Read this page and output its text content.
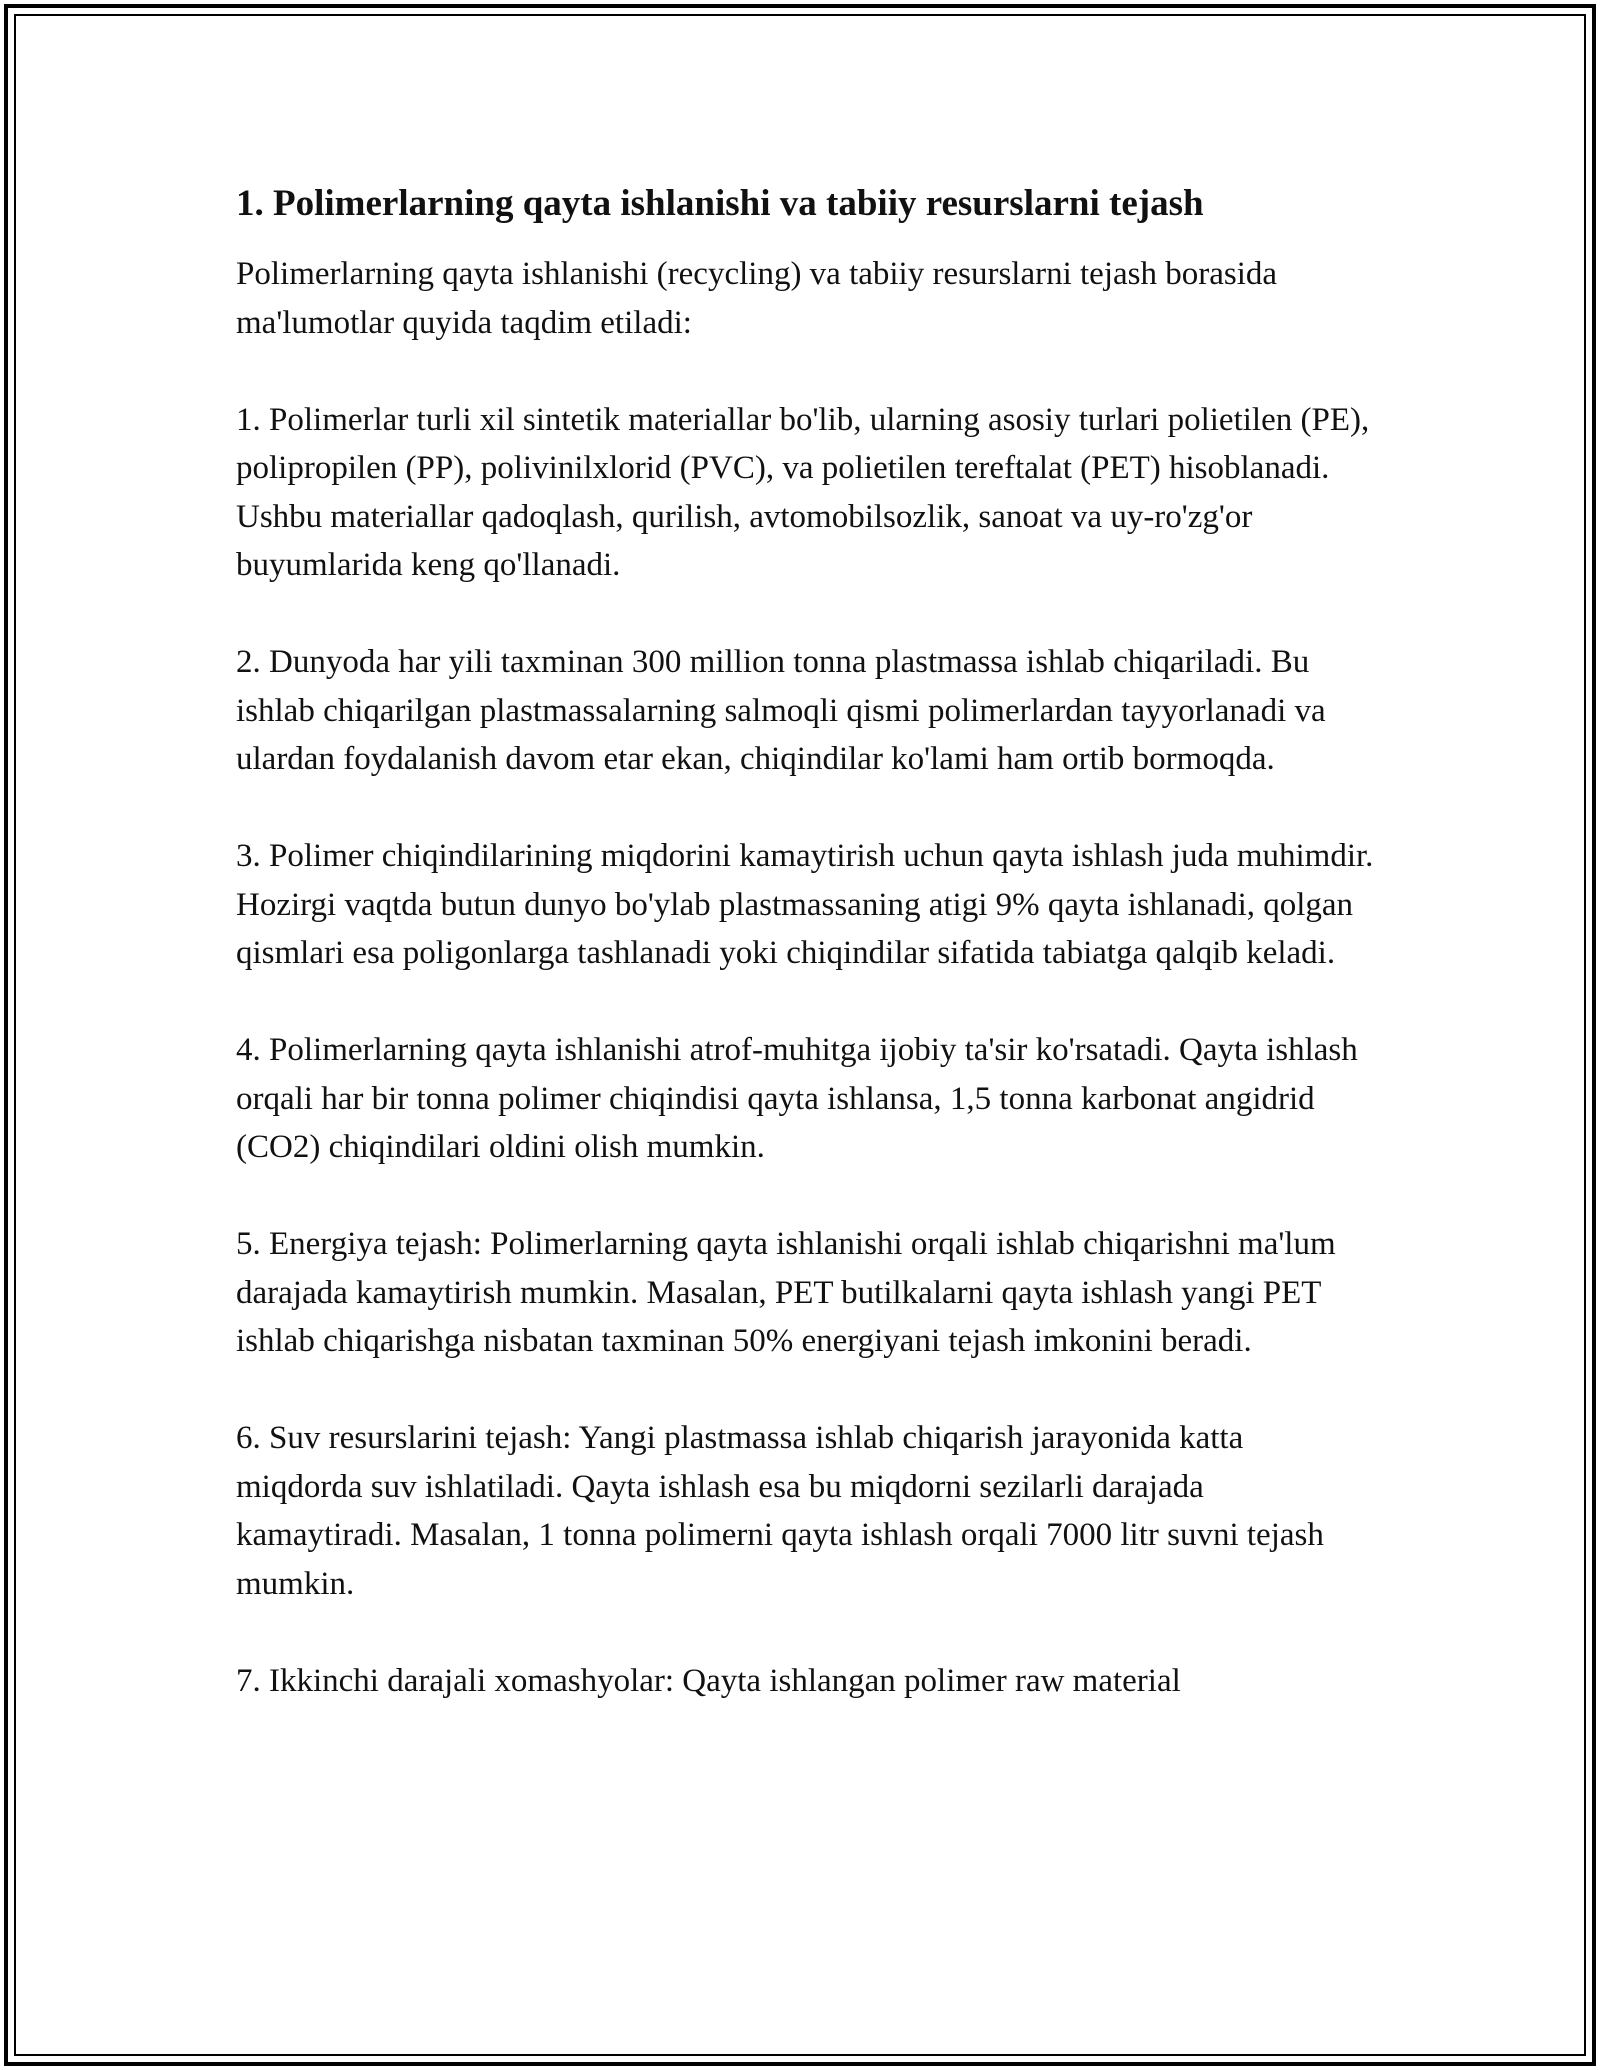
1. Polimerlarning qayta ishlanishi va tabiiy resurslarni tejash

Polimerlarning qayta ishlanishi (recycling) va tabiiy resurslarni tejash borasida ma'lumotlar quyida taqdim etiladi:

1. Polimerlar turli xil sintetik materiallar bo'lib, ularning asosiy turlari polietilen (PE), polipropilen (PP), polivinilxlorid (PVC), va polietilen tereftalat (PET) hisoblanadi. Ushbu materiallar qadoqlash, qurilish, avtomobilsozlik, sanoat va uy-ro'zg'or buyumlarida keng qo'llanadi.

2. Dunyoda har yili taxminan 300 million tonna plastmassa ishlab chiqariladi. Bu ishlab chiqarilgan plastmassalarning salmoqli qismi polimerlardan tayyorlanadi va ulardan foydalanish davom etar ekan, chiqindilar ko'lami ham ortib bormoqda.

3. Polimer chiqindilarining miqdorini kamaytirish uchun qayta ishlash juda muhimdir. Hozirgi vaqtda butun dunyo bo'ylab plastmassaning atigi 9% qayta ishlanadi, qolgan qismlari esa poligonlarga tashlanadi yoki chiqindilar sifatida tabiatga qalqib keladi.

4. Polimerlarning qayta ishlanishi atrof-muhitga ijobiy ta'sir ko'rsatadi. Qayta ishlash orqali har bir tonna polimer chiqindisi qayta ishlansa, 1,5 tonna karbonat angidrid (CO2) chiqindilari oldini olish mumkin.

5. Energiya tejash: Polimerlarning qayta ishlanishi orqali ishlab chiqarishni ma'lum darajada kamaytirish mumkin. Masalan, PET butilkalarni qayta ishlash yangi PET ishlab chiqarishga nisbatan taxminan 50% energiyani tejash imkonini beradi.

6. Suv resurslarini tejash: Yangi plastmassa ishlab chiqarish jarayonida katta miqdorda suv ishlatiladi. Qayta ishlash esa bu miqdorni sezilarli darajada kamaytiradi. Masalan, 1 tonna polimerni qayta ishlash orqali 7000 litr suvni tejash mumkin.

7. Ikkinchi darajali xomashyolar: Qayta ishlangan polimer raw material
